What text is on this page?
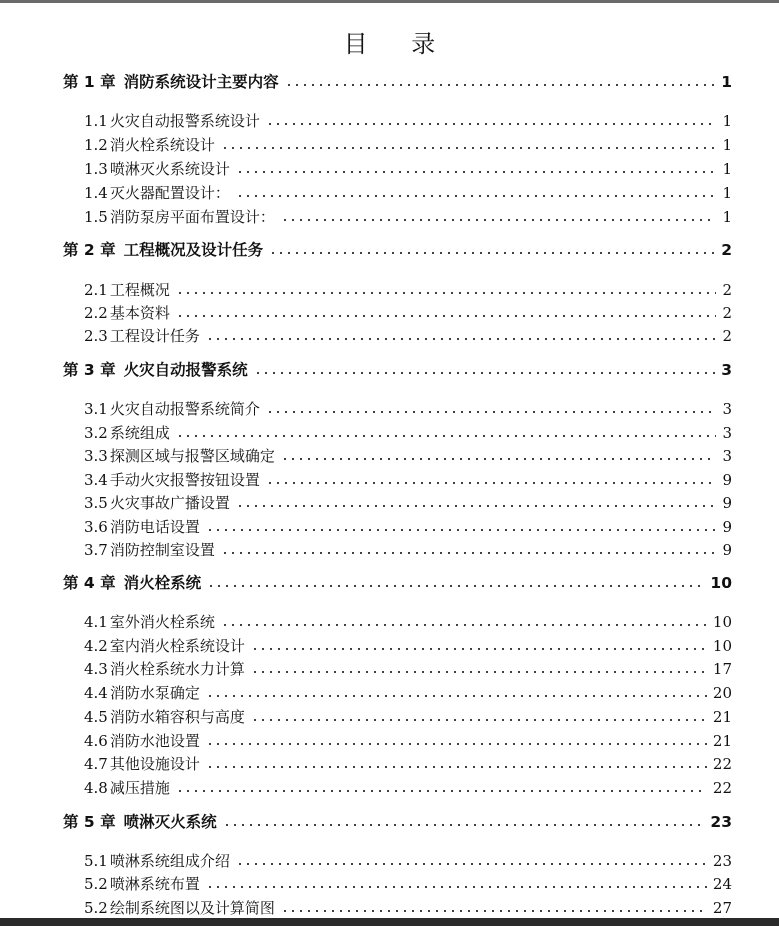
目 录
第 1 章 消防系统设计主要内容	1
1.1 火灾自动报警系统设计	1
1.2 消火栓系统设计	1
1.3 喷淋灭火系统设计	1
1.4 灭火器配置设计：	1
1.5 消防泵房平面布置设计：	1
第 2 章 工程概况及设计任务	2
2.1 工程概况	2
2.2 基本资料	2
2.3 工程设计任务	2
第 3 章 火灾自动报警系统	3
3.1 火灾自动报警系统简介	3
3.2 系统组成	3
3.3 探测区域与报警区域确定	3
3.4 手动火灾报警按钮设置	9
3.5 火灾事故广播设置	9
3.6 消防电话设置	9
3.7 消防控制室设置	9
第 4 章 消火栓系统	10
4.1 室外消火栓系统	10
4.2 室内消火栓系统设计	10
4.3 消火栓系统水力计算	17
4.4 消防水泵确定	20
4.5 消防水箱容积与高度	21
4.6 消防水池设置	21
4.7 其他设施设计	22
4.8 减压措施	22
第 5 章 喷淋灭火系统	23
5.1 喷淋系统组成介绍	23
5.2 喷淋系统布置	24
5.2 绘制系统图以及计算简图	27
